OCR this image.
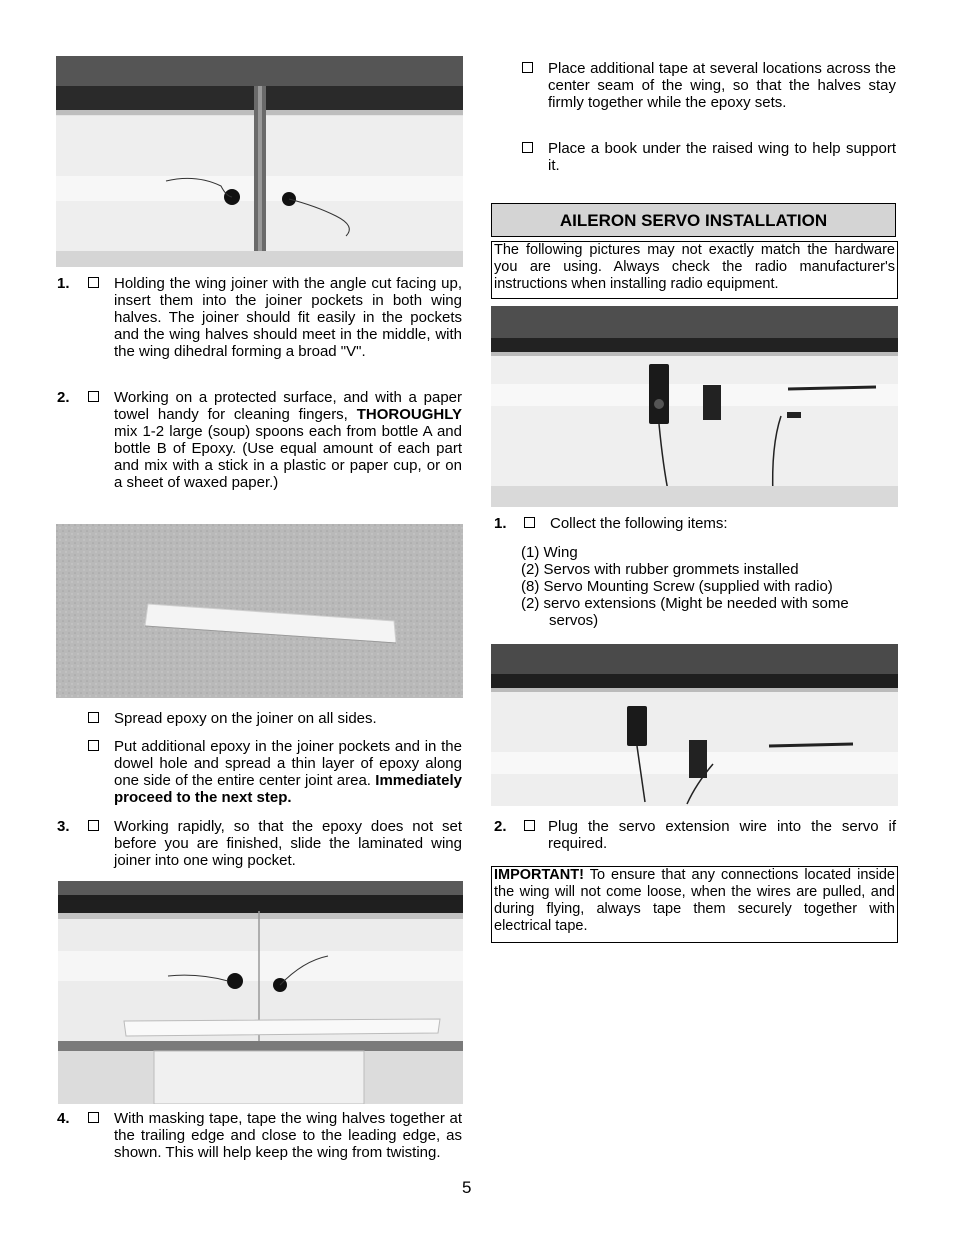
1.	Holding the wing joiner with the angle cut facing up, insert them into the joiner pockets in both wing halves. The joiner should fit easily in the pockets and the wing halves should meet in the middle, with the wing dihedral forming a broad "V".
2.	Working on a protected surface, and with a paper towel handy for cleaning fingers, THOROUGHLY mix 1-2 large (soup) spoons each from bottle A and bottle B of Epoxy. (Use equal amount of each part and mix with a stick in a plastic or paper cup, or on a sheet of waxed paper.)
Spread epoxy on the joiner on all sides.
Put additional epoxy in the joiner pockets and in the dowel hole and spread a thin layer of epoxy along one side of the entire center joint area. Immediately proceed to the next step.
3.	Working rapidly, so that the epoxy does not set before you are finished, slide the laminated wing joiner into one wing pocket.
4.	With masking tape, tape the wing halves together at the trailing edge and close to the leading edge, as shown. This will help keep the wing from twisting.
Place additional tape at several locations across the center seam of the wing, so that the halves stay firmly together while the epoxy sets.
Place a book under the raised wing to help support it.
AILERON SERVO INSTALLATION
The following pictures may not exactly match the hardware you are using. Always check the radio manufacturer's instructions when installing radio equipment.
1.	Collect the following items:
(1) Wing
(2) Servos with rubber grommets installed
(8) Servo Mounting Screw (supplied with radio)
(2) servo extensions (Might be needed with some
servos)
2.	Plug the servo extension wire into the servo if required.
IMPORTANT! To ensure that any connections located inside the wing will not come loose, when the wires are pulled, and during flying, always tape them securely together with electrical tape.
5
